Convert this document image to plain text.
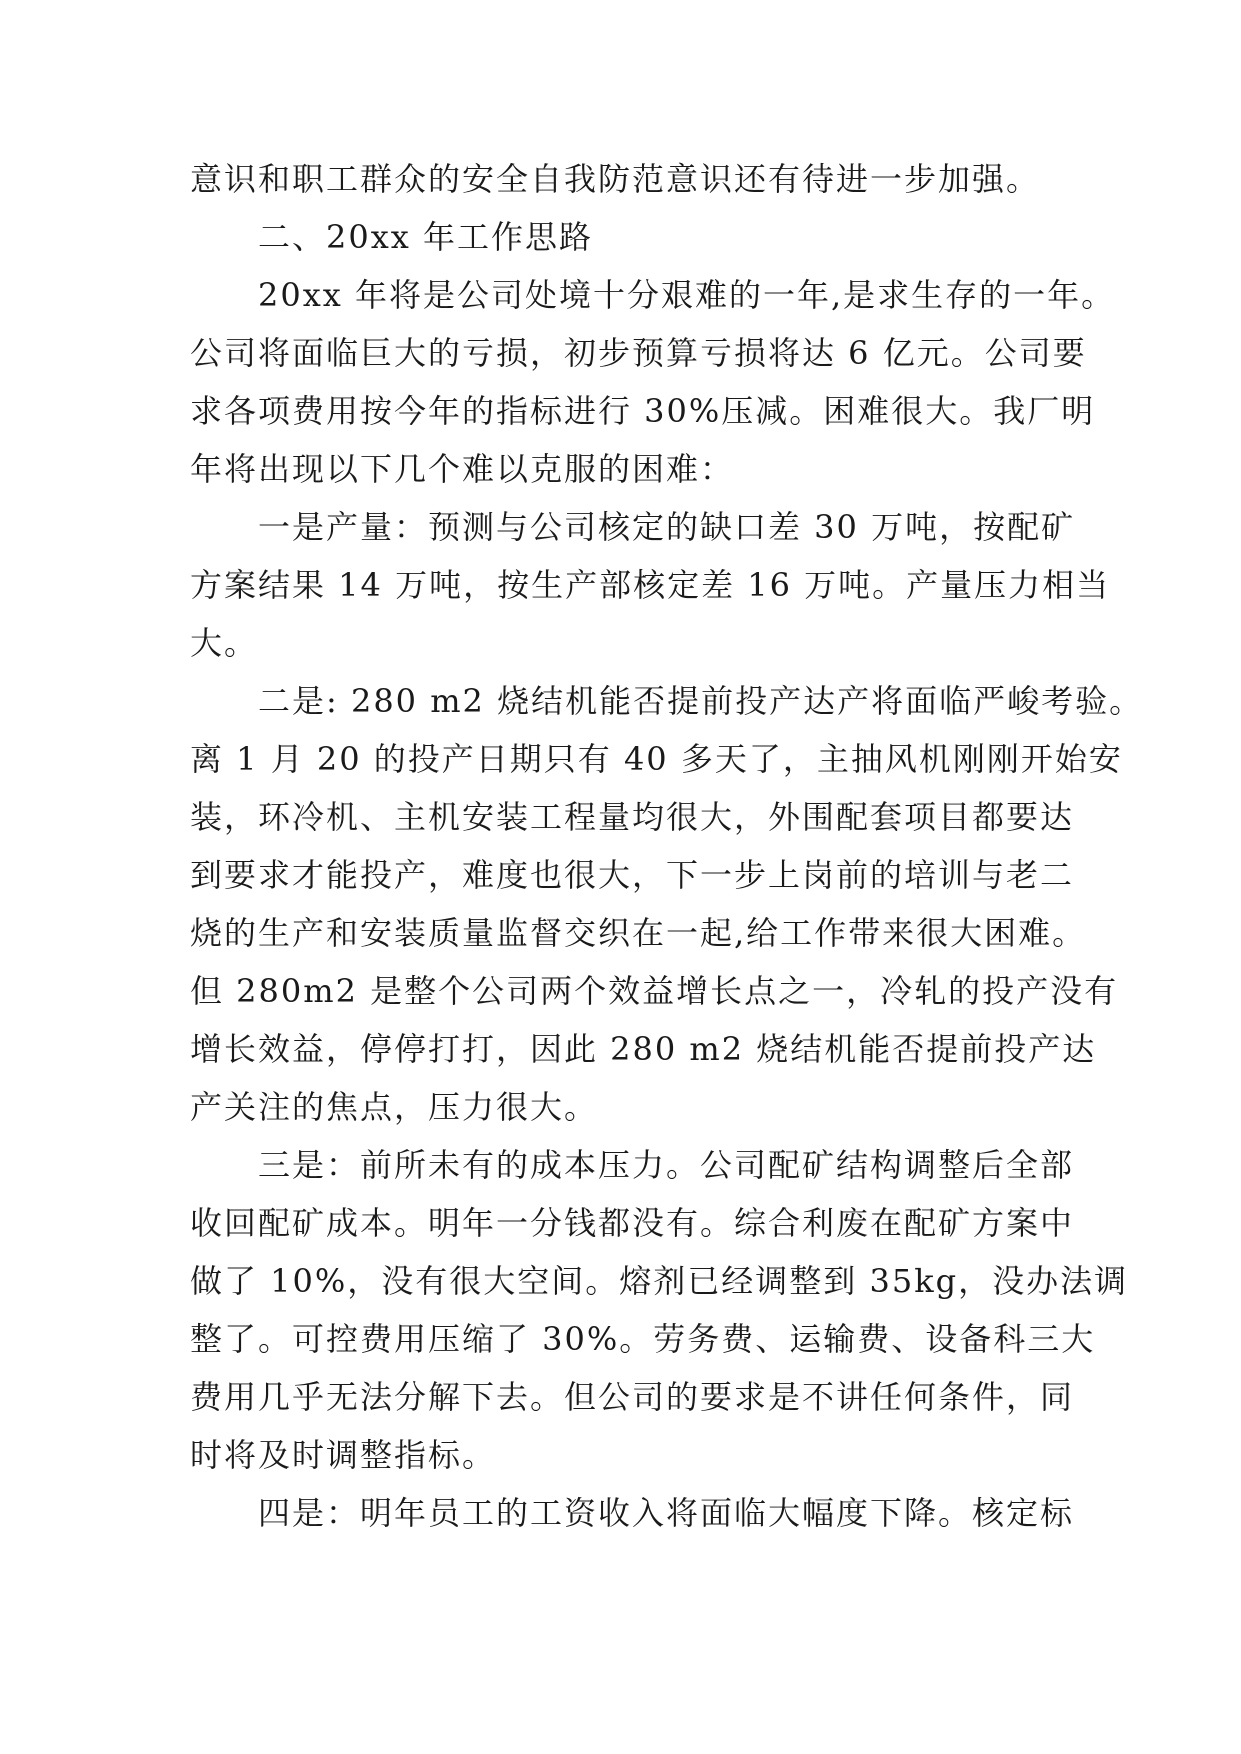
意识和职工群众的安全自我防范意识还有待进一步加强。
二、20xx 年工作思路
20xx 年将是公司处境十分艰难的一年,是求生存的一年。
公司将面临巨大的亏损，初步预算亏损将达 6 亿元。公司要
求各项费用按今年的指标进行 30%压减。困难很大。我厂明
年将出现以下几个难以克服的困难：
一是产量：预测与公司核定的缺口差 30 万吨，按配矿
方案结果 14 万吨，按生产部核定差 16 万吨。产量压力相当
大。
二是: 280 m2 烧结机能否提前投产达产将面临严峻考验。
离 1 月 20 的投产日期只有 40 多天了，主抽风机刚刚开始安
装，环冷机、主机安装工程量均很大，外围配套项目都要达
到要求才能投产，难度也很大，下一步上岗前的培训与老二
烧的生产和安装质量监督交织在一起,给工作带来很大困难。
但 280m2 是整个公司两个效益增长点之一，冷轧的投产没有
增长效益，停停打打，因此 280 m2 烧结机能否提前投产达
产关注的焦点，压力很大。
三是：前所未有的成本压力。公司配矿结构调整后全部
收回配矿成本。明年一分钱都没有。综合利废在配矿方案中
做了 10%，没有很大空间。熔剂已经调整到 35kg，没办法调
整了。可控费用压缩了 30%。劳务费、运输费、设备科三大
费用几乎无法分解下去。但公司的要求是不讲任何条件，同
时将及时调整指标。
四是：明年员工的工资收入将面临大幅度下降。核定标
